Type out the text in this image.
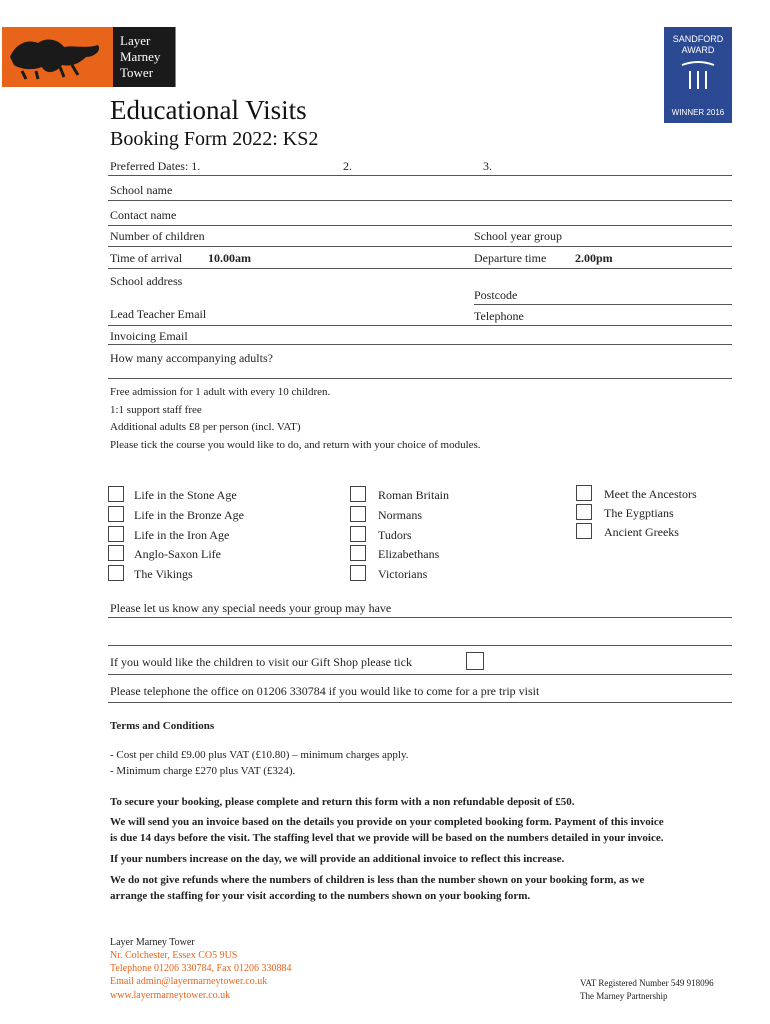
Layer
Marney
Tower
SANDFORD
AWARD
WINNER 2016
Educational Visits
Booking Form 2022: KS2
Preferred Dates: 1.	2.	3.
School name
Contact name
Number of children	School year group
Time of arrival 10.00am	Departure time 2.00pm
School address
Postcode
Lead Teacher Email	Telephone
Invoicing Email
How many accompanying adults?
Free admission for 1 adult with every 10 children.
1:1 support staff free
Additional adults £8 per person (incl. VAT)
Please tick the course you would like to do, and return with your choice of modules.
Life in the Stone Age
Life in the Bronze Age
Life in the Iron Age
Anglo-Saxon Life
The Vikings
Roman Britain
Normans
Tudors
Elizabethans
Victorians
Meet the Ancestors
The Eygptians
Ancient Greeks
Please let us know any special needs your group may have
If you would like the children to visit our Gift Shop please tick
Please telephone the office on 01206 330784 if you would like to come for a pre trip visit
Terms and Conditions
- Cost per child £9.00 plus VAT (£10.80) – minimum charges apply.
- Minimum charge £270 plus VAT (£324).
To secure your booking, please complete and return this form with a non refundable deposit of £50.
We will send you an invoice based on the details you provide on your completed booking form. Payment of this invoice
is due 14 days before the visit. The staffing level that we provide will be based on the numbers detailed in your invoice.
If your numbers increase on the day, we will provide an additional invoice to reflect this increase.
We do not give refunds where the numbers of children is less than the number shown on your booking form, as we
arrange the staffing for your visit according to the numbers shown on your booking form.
Layer Marney Tower
Nr. Colchester, Essex CO5 9US
Telephone 01206 330784, Fax 01206 330884
Email admin@layermarneytower.co.uk
www.layermarneytower.co.uk
VAT Registered Number 549 918096
The Marney Partnership
